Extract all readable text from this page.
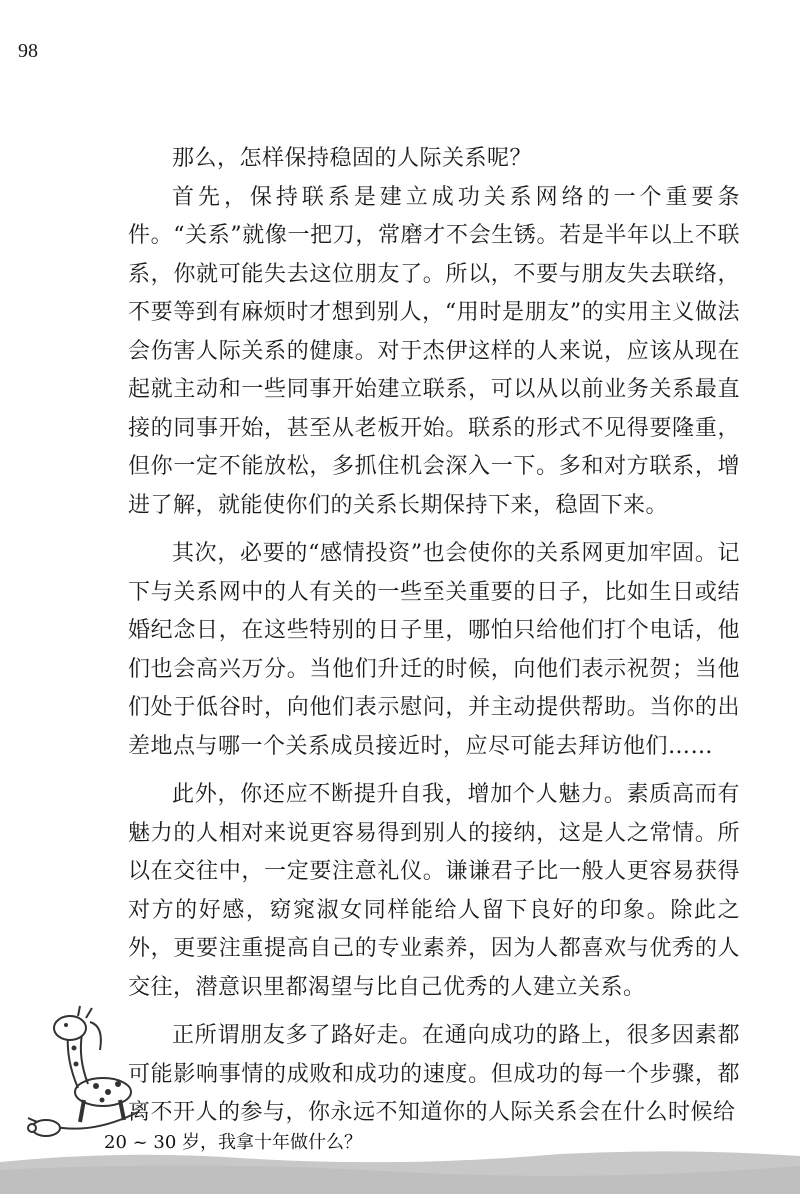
98

那么，怎样保持稳固的人际关系呢？

首先，保持联系是建立成功关系网络的一个重要条件。“关系”就像一把刀，常磨才不会生锈。若是半年以上不联系，你就可能失去这位朋友了。所以，不要与朋友失去联络，不要等到有麻烦时才想到别人，“用时是朋友”的实用主义做法会伤害人际关系的健康。对于杰伊这样的人来说，应该从现在起就主动和一些同事开始建立联系，可以从以前业务关系最直接的同事开始，甚至从老板开始。联系的形式不见得要隆重，但你一定不能放松，多抓住机会深入一下。多和对方联系，增进了解，就能使你们的关系长期保持下来，稳固下来。

其次，必要的“感情投资”也会使你的关系网更加牢固。记下与关系网中的人有关的一些至关重要的日子，比如生日或结婚纪念日，在这些特别的日子里，哪怕只给他们打个电话，他们也会高兴万分。当他们升迁的时候，向他们表示祝贺；当他们处于低谷时，向他们表示慰问，并主动提供帮助。当你的出差地点与哪一个关系成员接近时，应尽可能去拜访他们……

此外，你还应不断提升自我，增加个人魅力。素质高而有魅力的人相对来说更容易得到别人的接纳，这是人之常情。所以在交往中，一定要注意礼仪。谦谦君子比一般人更容易获得对方的好感，窈窕淑女同样能给人留下良好的印象。除此之外，更要注重提高自己的专业素养，因为人都喜欢与优秀的人交往，潜意识里都渴望与比自己优秀的人建立关系。

正所谓朋友多了路好走。在通向成功的路上，很多因素都可能影响事情的成败和成功的速度。但成功的每一个步骤，都离不开人的参与，你永远不知道你的人际关系会在什么时候给

20 ~ 30 岁，我拿十年做什么？
